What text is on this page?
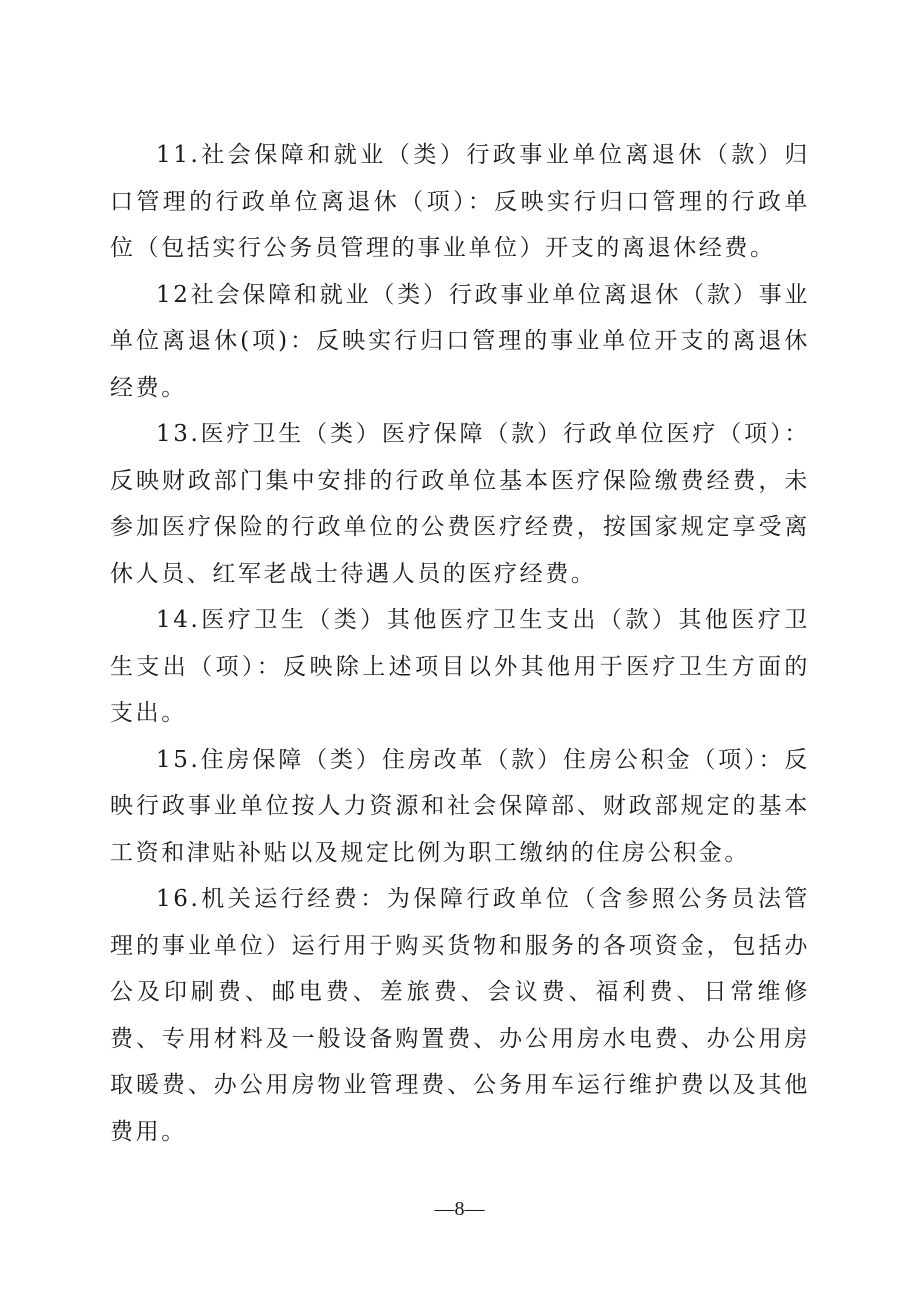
11.社会保障和就业（类）行政事业单位离退休（款）归口管理的行政单位离退休（项）：反映实行归口管理的行政单位（包括实行公务员管理的事业单位）开支的离退休经费。

12社会保障和就业（类）行政事业单位离退休（款）事业单位离退休(项)：反映实行归口管理的事业单位开支的离退休经费。

13.医疗卫生（类）医疗保障（款）行政单位医疗（项）：反映财政部门集中安排的行政单位基本医疗保险缴费经费，未参加医疗保险的行政单位的公费医疗经费，按国家规定享受离休人员、红军老战士待遇人员的医疗经费。

14.医疗卫生（类）其他医疗卫生支出（款）其他医疗卫生支出（项）：反映除上述项目以外其他用于医疗卫生方面的支出。

15.住房保障（类）住房改革（款）住房公积金（项）：反映行政事业单位按人力资源和社会保障部、财政部规定的基本工资和津贴补贴以及规定比例为职工缴纳的住房公积金。

16.机关运行经费：为保障行政单位（含参照公务员法管理的事业单位）运行用于购买货物和服务的各项资金，包括办公及印刷费、邮电费、差旅费、会议费、福利费、日常维修费、专用材料及一般设备购置费、办公用房水电费、办公用房取暖费、办公用房物业管理费、公务用车运行维护费以及其他费用。

—8—
